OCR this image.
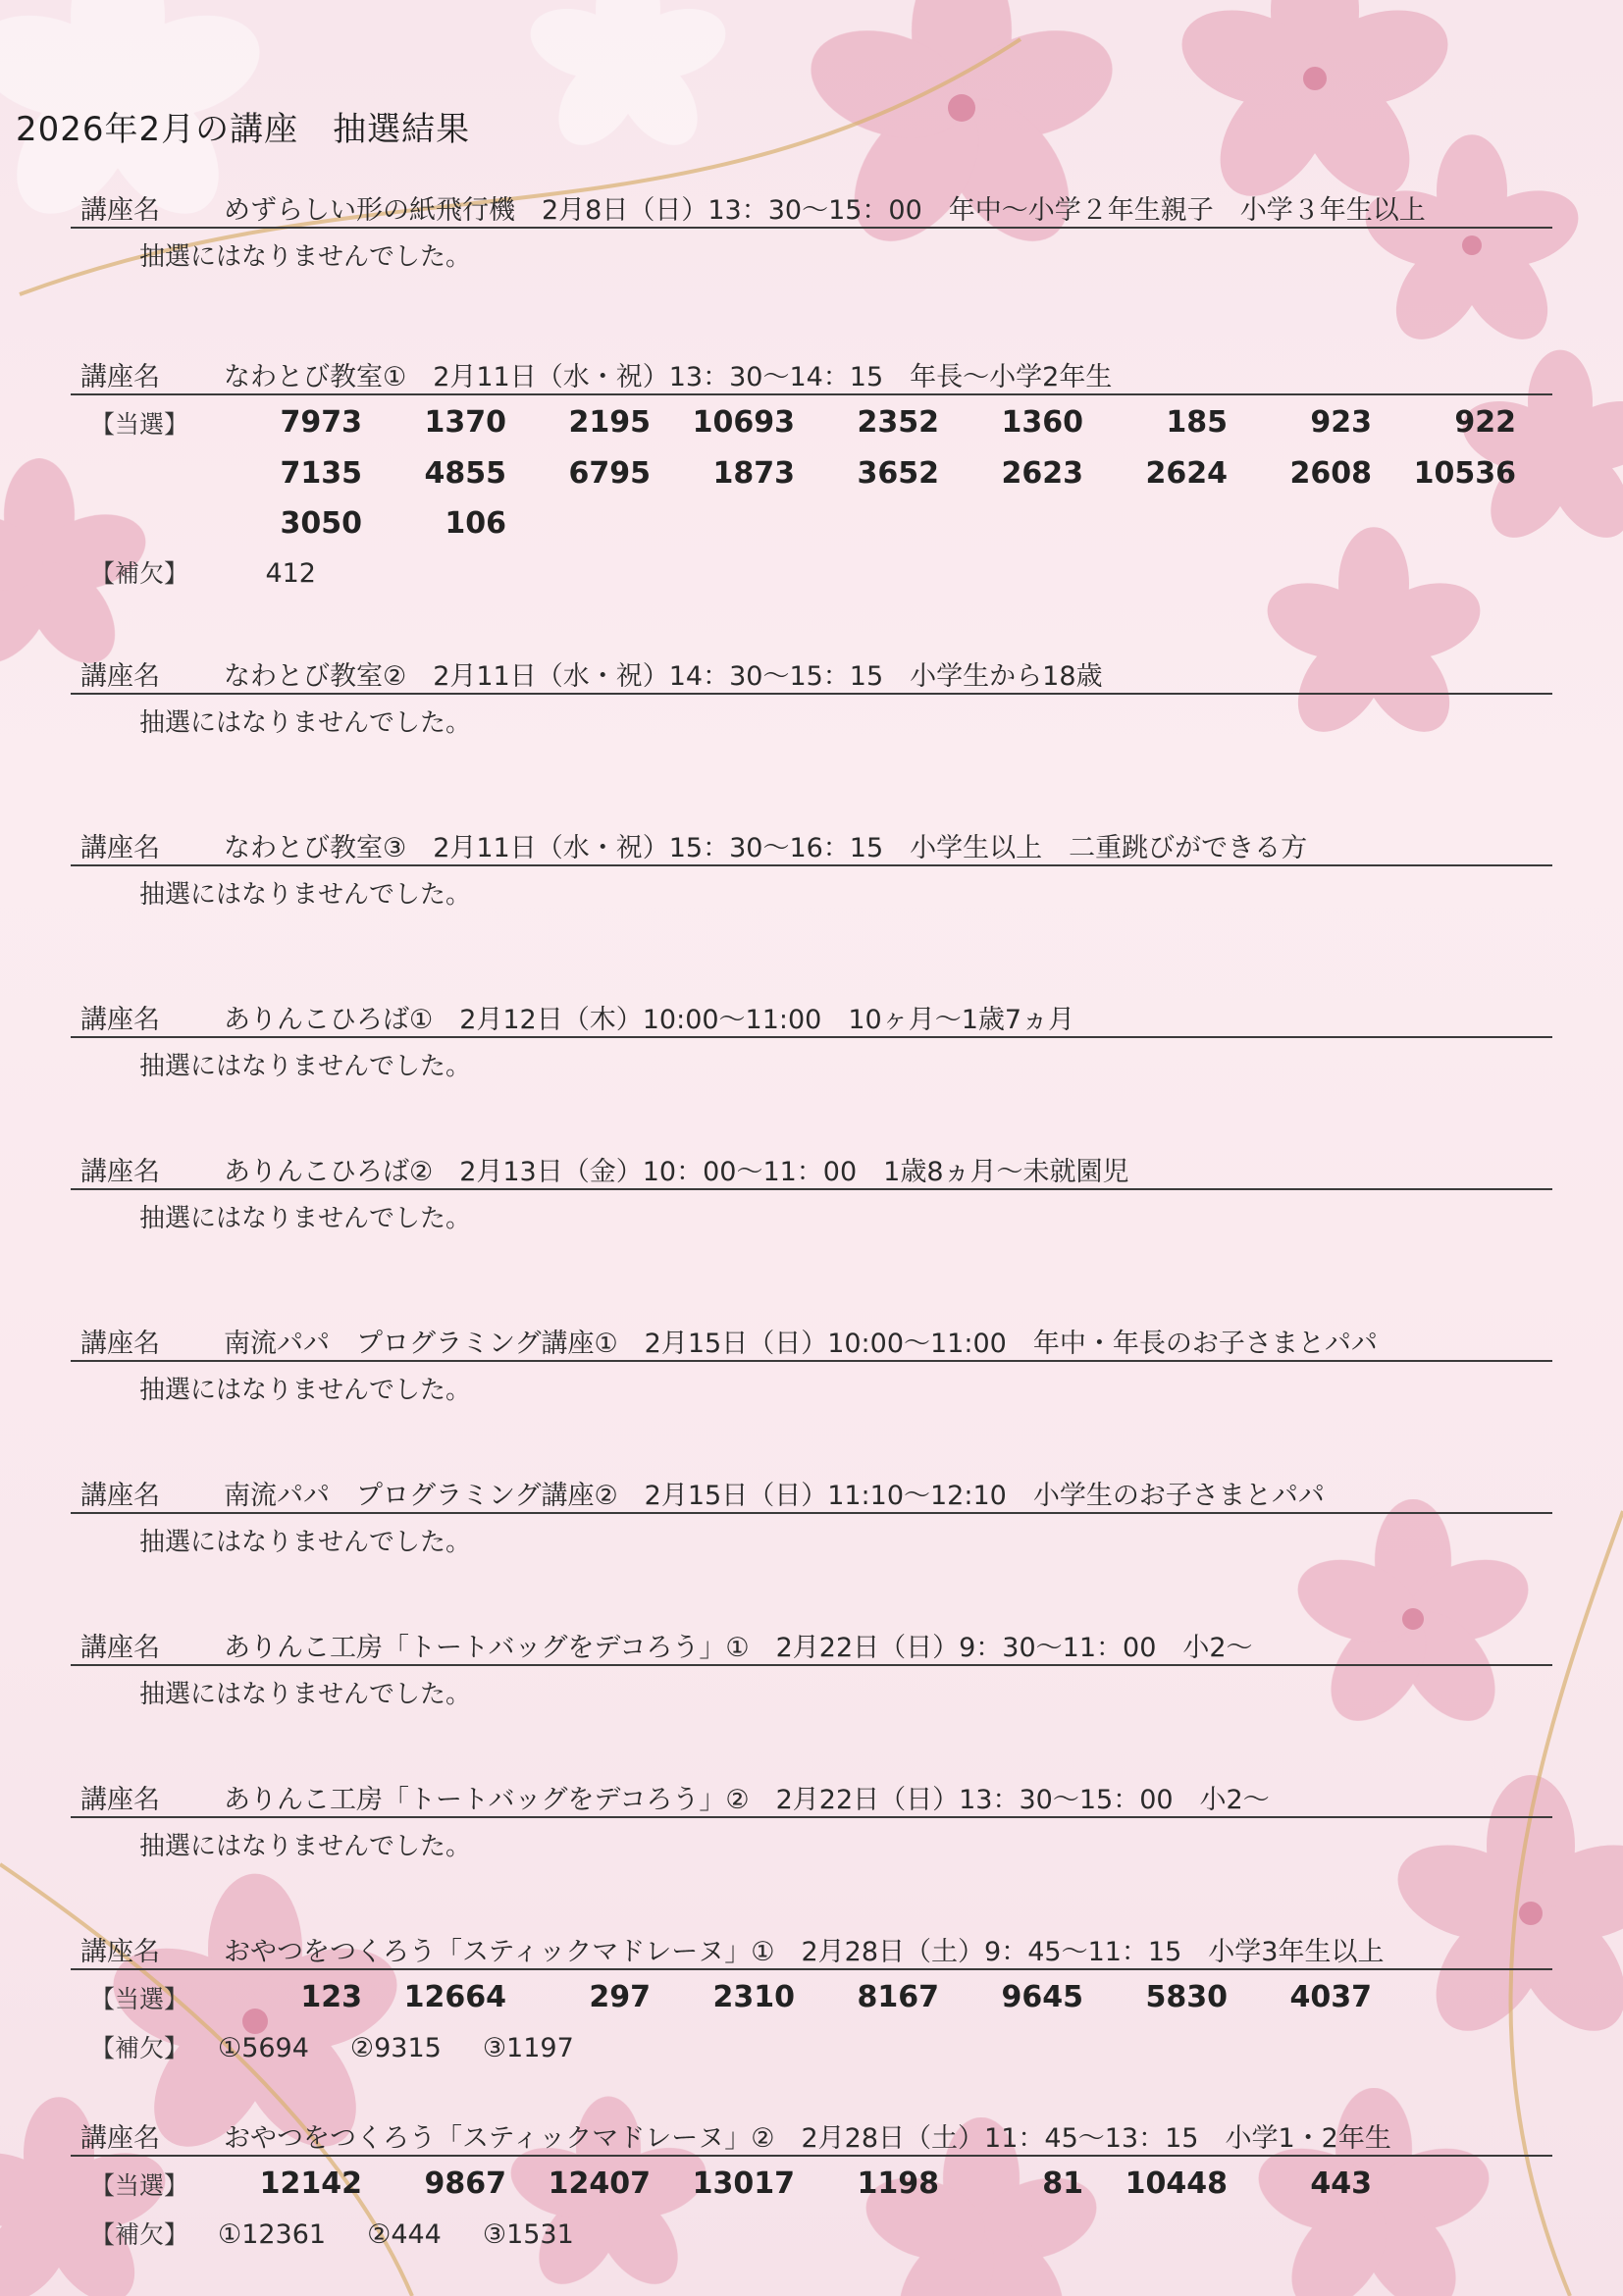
2026年2月の講座　抽選結果
講座名	めずらしい形の紙飛行機　2月8日（日）13：30～15：00　年中～小学２年生親子　小学３年生以上
抽選にはなりませんでした。
講座名	なわとび教室①　2月11日（水・祝）13：30～14：15　年長～小学2年生
【当選】	7973	1370	2195	10693	2352	1360	185	923	922
7135	4855	6795	1873	3652	2623	2624	2608	10536
3050	106
【補欠】	412
講座名	なわとび教室②　2月11日（水・祝）14：30～15：15　小学生から18歳
抽選にはなりませんでした。
講座名	なわとび教室③　2月11日（水・祝）15：30～16：15　小学生以上　二重跳びができる方
抽選にはなりませんでした。
講座名	ありんこひろば①　2月12日（木）10:00～11:00　10ヶ月～1歳7ヵ月
抽選にはなりませんでした。
講座名	ありんこひろば②　2月13日（金）10：00～11：00　1歳8ヵ月～未就園児
抽選にはなりませんでした。
講座名	南流パパ　プログラミング講座①　2月15日（日）10:00～11:00　年中・年長のお子さまとパパ
抽選にはなりませんでした。
講座名	南流パパ　プログラミング講座②　2月15日（日）11:10～12:10　小学生のお子さまとパパ
抽選にはなりませんでした。
講座名	ありんこ工房「トートバッグをデコろう」①　2月22日（日）9：30～11：00　小2～
抽選にはなりませんでした。
講座名	ありんこ工房「トートバッグをデコろう」②　2月22日（日）13：30～15：00　小2～
抽選にはなりませんでした。
講座名	おやつをつくろう「スティックマドレーヌ」①　2月28日（土）9：45～11：15　小学3年生以上
【当選】	123	12664	297	2310	8167	9645	5830	4037
【補欠】	①5694 ②9315 ③1197
講座名	おやつをつくろう「スティックマドレーヌ」②　2月28日（土）11：45～13：15　小学1・2年生
【当選】	12142	9867	12407	13017	1198	81	10448	443
【補欠】	①12361 ②444 ③1531
